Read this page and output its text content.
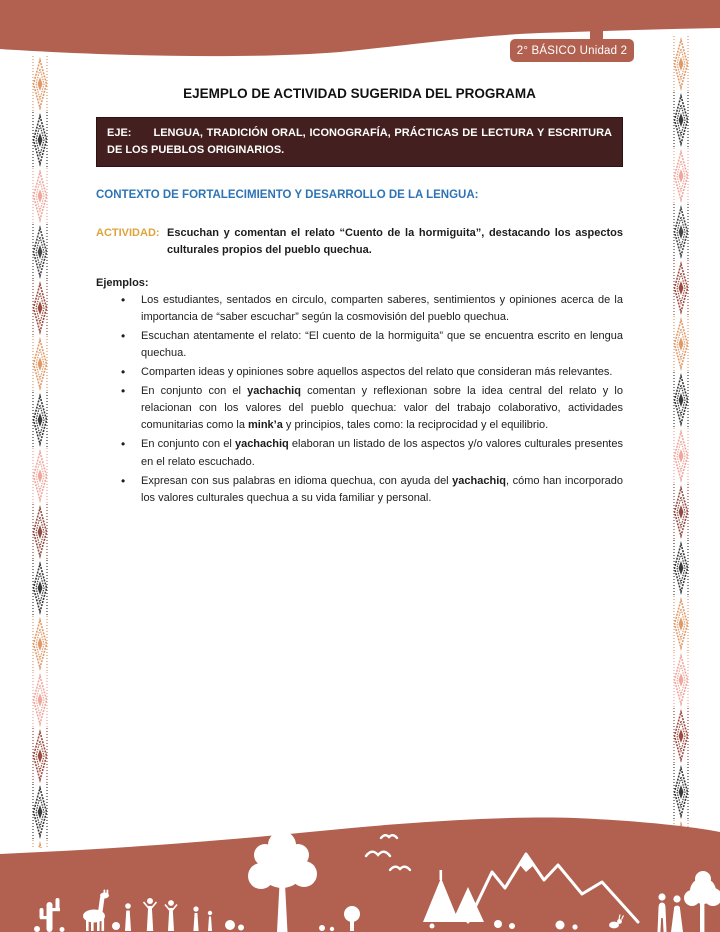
2° BÁSICO Unidad 2
EJEMPLO DE ACTIVIDAD SUGERIDA DEL PROGRAMA
EJE: LENGUA, TRADICIÓN ORAL, ICONOGRAFÍA, PRÁCTICAS DE LECTURA Y ESCRITURA DE LOS PUEBLOS ORIGINARIOS.
CONTEXTO DE FORTALECIMIENTO Y DESARROLLO DE LA LENGUA:
ACTIVIDAD: Escuchan y comentan el relato “Cuento de la hormiguita”, destacando los aspectos culturales propios del pueblo quechua.

Ejemplos:

• Los estudiantes, sentados en circulo, comparten saberes, sentimientos y opiniones acerca de la importancia de “saber escuchar” según la cosmovisión del pueblo quechua.
• Escuchan atentamente el relato: “El cuento de la hormiguita” que se encuentra escrito en lengua quechua.
• Comparten ideas y opiniones sobre aquellos aspectos del relato que consideran más relevantes.
• En conjunto con el yachachiq comentan y reflexionan sobre la idea central del relato y lo relacionan con los valores del pueblo quechua: valor del trabajo colaborativo, actividades comunitarias como la mink’a y principios, tales como: la reciprocidad y el equilibrio.
• En conjunto con el yachachiq elaboran un listado de los aspectos y/o valores culturales presentes en el relato escuchado.
• Expresan con sus palabras en idioma quechua, con ayuda del yachachiq, cómo han incorporado los valores culturales quechua a su vida familiar y personal.
